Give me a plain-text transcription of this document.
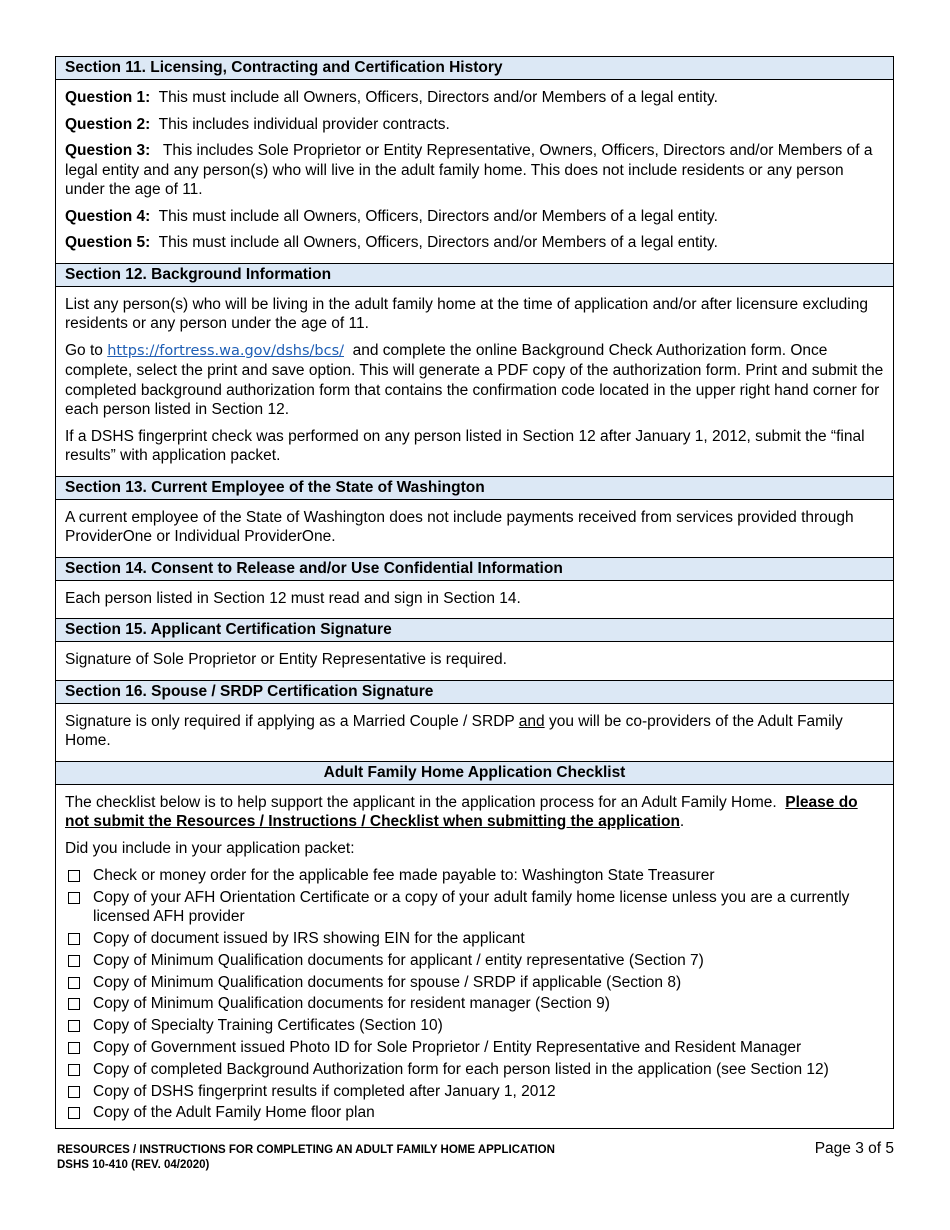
Section 11. Licensing, Contracting and Certification History

Question 1: This must include all Owners, Officers, Directors and/or Members of a legal entity.

Question 2: This includes individual provider contracts.

Question 3: This includes Sole Proprietor or Entity Representative, Owners, Officers, Directors and/or Members of a legal entity and any person(s) who will live in the adult family home. This does not include residents or any person under the age of 11.

Question 4: This must include all Owners, Officers, Directors and/or Members of a legal entity.

Question 5: This must include all Owners, Officers, Directors and/or Members of a legal entity.

Section 12. Background Information

List any person(s) who will be living in the adult family home at the time of application and/or after licensure excluding residents or any person under the age of 11.

Go to https://fortress.wa.gov/dshs/bcs/ and complete the online Background Check Authorization form. Once complete, select the print and save option. This will generate a PDF copy of the authorization form. Print and submit the completed background authorization form that contains the confirmation code located in the upper right hand corner for each person listed in Section 12.

If a DSHS fingerprint check was performed on any person listed in Section 12 after January 1, 2012, submit the “final results” with application packet.

Section 13. Current Employee of the State of Washington

A current employee of the State of Washington does not include payments received from services provided through ProviderOne or Individual ProviderOne.

Section 14. Consent to Release and/or Use Confidential Information

Each person listed in Section 12 must read and sign in Section 14.

Section 15. Applicant Certification Signature

Signature of Sole Proprietor or Entity Representative is required.

Section 16. Spouse / SRDP Certification Signature

Signature is only required if applying as a Married Couple / SRDP and you will be co-providers of the Adult Family Home.

Adult Family Home Application Checklist

The checklist below is to help support the applicant in the application process for an Adult Family Home. Please do not submit the Resources / Instructions / Checklist when submitting the application.

Did you include in your application packet:

Check or money order for the applicable fee made payable to: Washington State Treasurer
Copy of your AFH Orientation Certificate or a copy of your adult family home license unless you are a currently licensed AFH provider
Copy of document issued by IRS showing EIN for the applicant
Copy of Minimum Qualification documents for applicant / entity representative (Section 7)
Copy of Minimum Qualification documents for spouse / SRDP if applicable (Section 8)
Copy of Minimum Qualification documents for resident manager (Section 9)
Copy of Specialty Training Certificates (Section 10)
Copy of Government issued Photo ID for Sole Proprietor / Entity Representative and Resident Manager
Copy of completed Background Authorization form for each person listed in the application (see Section 12)
Copy of DSHS fingerprint results if completed after January 1, 2012
Copy of the Adult Family Home floor plan
RESOURCES / INSTRUCTIONS FOR COMPLETING AN ADULT FAMILY HOME APPLICATION
DSHS 10-410 (REV. 04/2020)
Page 3 of 5
